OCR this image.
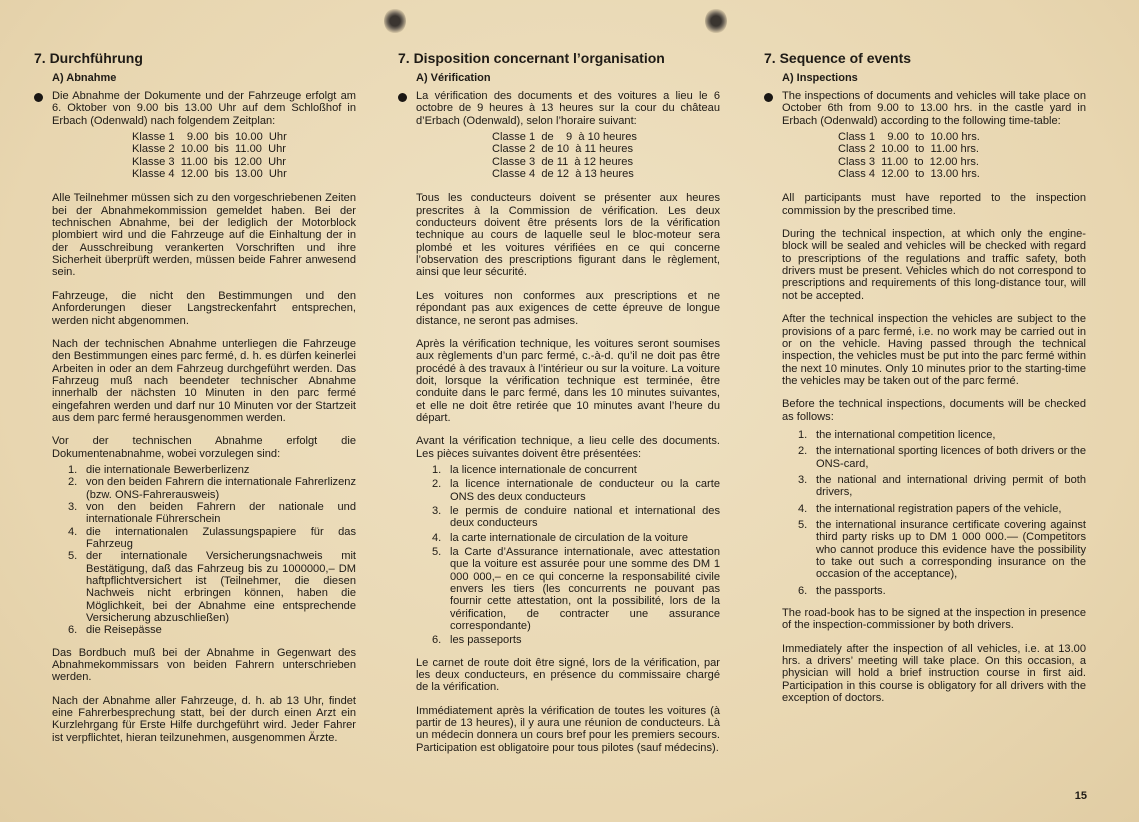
7. Durchführung
A) Abnahme

Die Abnahme der Dokumente und der Fahrzeuge erfolgt am 6. Oktober von 9.00 bis 13.00 Uhr auf dem Schloßhof in Erbach (Odenwald) nach folgendem Zeitplan:

Klasse 1    9.00  bis  10.00  Uhr
Klasse 2  10.00  bis  11.00  Uhr
Klasse 3  11.00  bis  12.00  Uhr
Klasse 4  12.00  bis  13.00  Uhr

Alle Teilnehmer müssen sich zu den vorgeschriebenen Zeiten bei der Abnahmekommission gemeldet haben. Bei der technischen Abnahme, bei der lediglich der Motorblock plombiert wird und die Fahrzeuge auf die Einhaltung der in der Ausschreibung verankerten Vorschriften und ihre Sicherheit überprüft werden, müssen beide Fahrer anwesend sein.

Fahrzeuge, die nicht den Bestimmungen und den Anforderungen dieser Langstreckenfahrt entsprechen, werden nicht abgenommen.

Nach der technischen Abnahme unterliegen die Fahrzeuge den Bestimmungen eines parc fermé, d. h. es dürfen keinerlei Arbeiten in oder an dem Fahrzeug durchgeführt werden. Das Fahrzeug muß nach beendeter technischer Abnahme innerhalb der nächsten 10 Minuten in den parc fermé eingefahren werden und darf nur 10 Minuten vor der Startzeit aus dem parc fermé herausgenommen werden.

Vor der technischen Abnahme erfolgt die Dokumentenabnahme, wobei vorzulegen sind:

1. die internationale Bewerberlizenz
2. von den beiden Fahrern die internationale Fahrerlizenz (bzw. ONS-Fahrerausweis)
3. von den beiden Fahrern der nationale und internationale Führerschein
4. die internationalen Zulassungspapiere für das Fahrzeug
5. der internationale Versicherungsnachweis mit Bestätigung, daß das Fahrzeug bis zu 1000000,– DM haftpflichtversichert ist (Teilnehmer, die diesen Nachweis nicht erbringen können, haben die Möglichkeit, bei der Abnahme eine entsprechende Versicherung abzuschließen)
6. die Reisepässe

Das Bordbuch muß bei der Abnahme in Gegenwart des Abnahmekommissars von beiden Fahrern unterschrieben werden.

Nach der Abnahme aller Fahrzeuge, d. h. ab 13 Uhr, findet eine Fahrerbesprechung statt, bei der durch einen Arzt ein Kurzlehrgang für Erste Hilfe durchgeführt wird. Jeder Fahrer ist verpflichtet, hieran teilzunehmen, ausgenommen Ärzte.

7. Disposition concernant l’organisation
A) Vérification

La vérification des documents et des voitures a lieu le 6 octobre de 9 heures à 13 heures sur la cour du château d’Erbach (Odenwald), selon l’horaire suivant:

Classe 1  de    9  à 10 heures
Classe 2  de 10  à 11 heures
Classe 3  de 11  à 12 heures
Classe 4  de 12  à 13 heures

Tous les conducteurs doivent se présenter aux heures prescrites à la Commission de vérification. Les deux conducteurs doivent être présents lors de la vérification technique au cours de laquelle seul le bloc-moteur sera plombé et les voitures vérifiées en ce qui concerne l’observation des prescriptions figurant dans le règlement, ainsi que leur sécurité.

Les voitures non conformes aux prescriptions et ne répondant pas aux exigences de cette épreuve de longue distance, ne seront pas admises.

Après la vérification technique, les voitures seront soumises aux règlements d’un parc fermé, c.-à-d. qu’il ne doit pas être procédé à des travaux à l’intérieur ou sur la voiture. La voiture doit, lorsque la vérification technique est terminée, être conduite dans le parc fermé, dans les 10 minutes suivantes, et elle ne doit être retirée que 10 minutes avant l’heure du départ.

Avant la vérification technique, a lieu celle des documents. Les pièces suivantes doivent être présentées:

1. la licence internationale de concurrent
2. la licence internationale de conducteur ou la carte ONS des deux conducteurs
3. le permis de conduire national et international des deux conducteurs
4. la carte internationale de circulation de la voiture
5. la Carte d’Assurance internationale, avec attestation que la voiture est assurée pour une somme des DM 1 000 000,– en ce qui concerne la responsabilité civile envers les tiers (les concurrents ne pouvant pas fournir cette attestation, ont la possibilité, lors de la vérification, de contracter une assurance correspondante)
6. les passeports

Le carnet de route doit être signé, lors de la vérification, par les deux conducteurs, en présence du commissaire chargé de la vérification.

Immédiatement après la vérification de toutes les voitures (à partir de 13 heures), il y aura une réunion de conducteurs. Là un médecin donnera un cours bref pour les premiers secours. Participation est obligatoire pour tous pilotes (sauf médecins).

7. Sequence of events
A) Inspections

The inspections of documents and vehicles will take place on October 6th from 9.00 to 13.00 hrs. in the castle yard in Erbach (Odenwald) according to the following time-table:

Class 1    9.00  to  10.00 hrs.
Class 2  10.00  to  11.00 hrs.
Class 3  11.00  to  12.00 hrs.
Class 4  12.00  to  13.00 hrs.

All participants must have reported to the inspection commission by the prescribed time.

During the technical inspection, at which only the engine-block will be sealed and vehicles will be checked with regard to prescriptions of the regulations and traffic safety, both drivers must be present. Vehicles which do not correspond to prescriptions and requirements of this long-distance tour, will not be accepted.

After the technical inspection the vehicles are subject to the provisions of a parc fermé, i.e. no work may be carried out in or on the vehicle. Having passed through the technical inspection, the vehicles must be put into the parc fermé within the next 10 minutes. Only 10 minutes prior to the starting-time the vehicles may be taken out of the parc fermé.

Before the technical inspections, documents will be checked as follows:

1. the international competition licence,
2. the international sporting licences of both drivers or the ONS-card,
3. the national and international driving permit of both drivers,
4. the international registration papers of the vehicle,
5. the international insurance certificate covering against third party risks up to DM 1 000 000.— (Competitors who cannot produce this evidence have the possibility to take out such a corresponding insurance on the occasion of the acceptance),
6. the passports.

The road-book has to be signed at the inspection in presence of the inspection-commissioner by both drivers.

Immediately after the inspection of all vehicles, i.e. at 13.00 hrs. a drivers’ meeting will take place. On this occasion, a physician will hold a brief instruction course in first aid. Participation in this course is obligatory for all drivers with the exception of doctors.

15
